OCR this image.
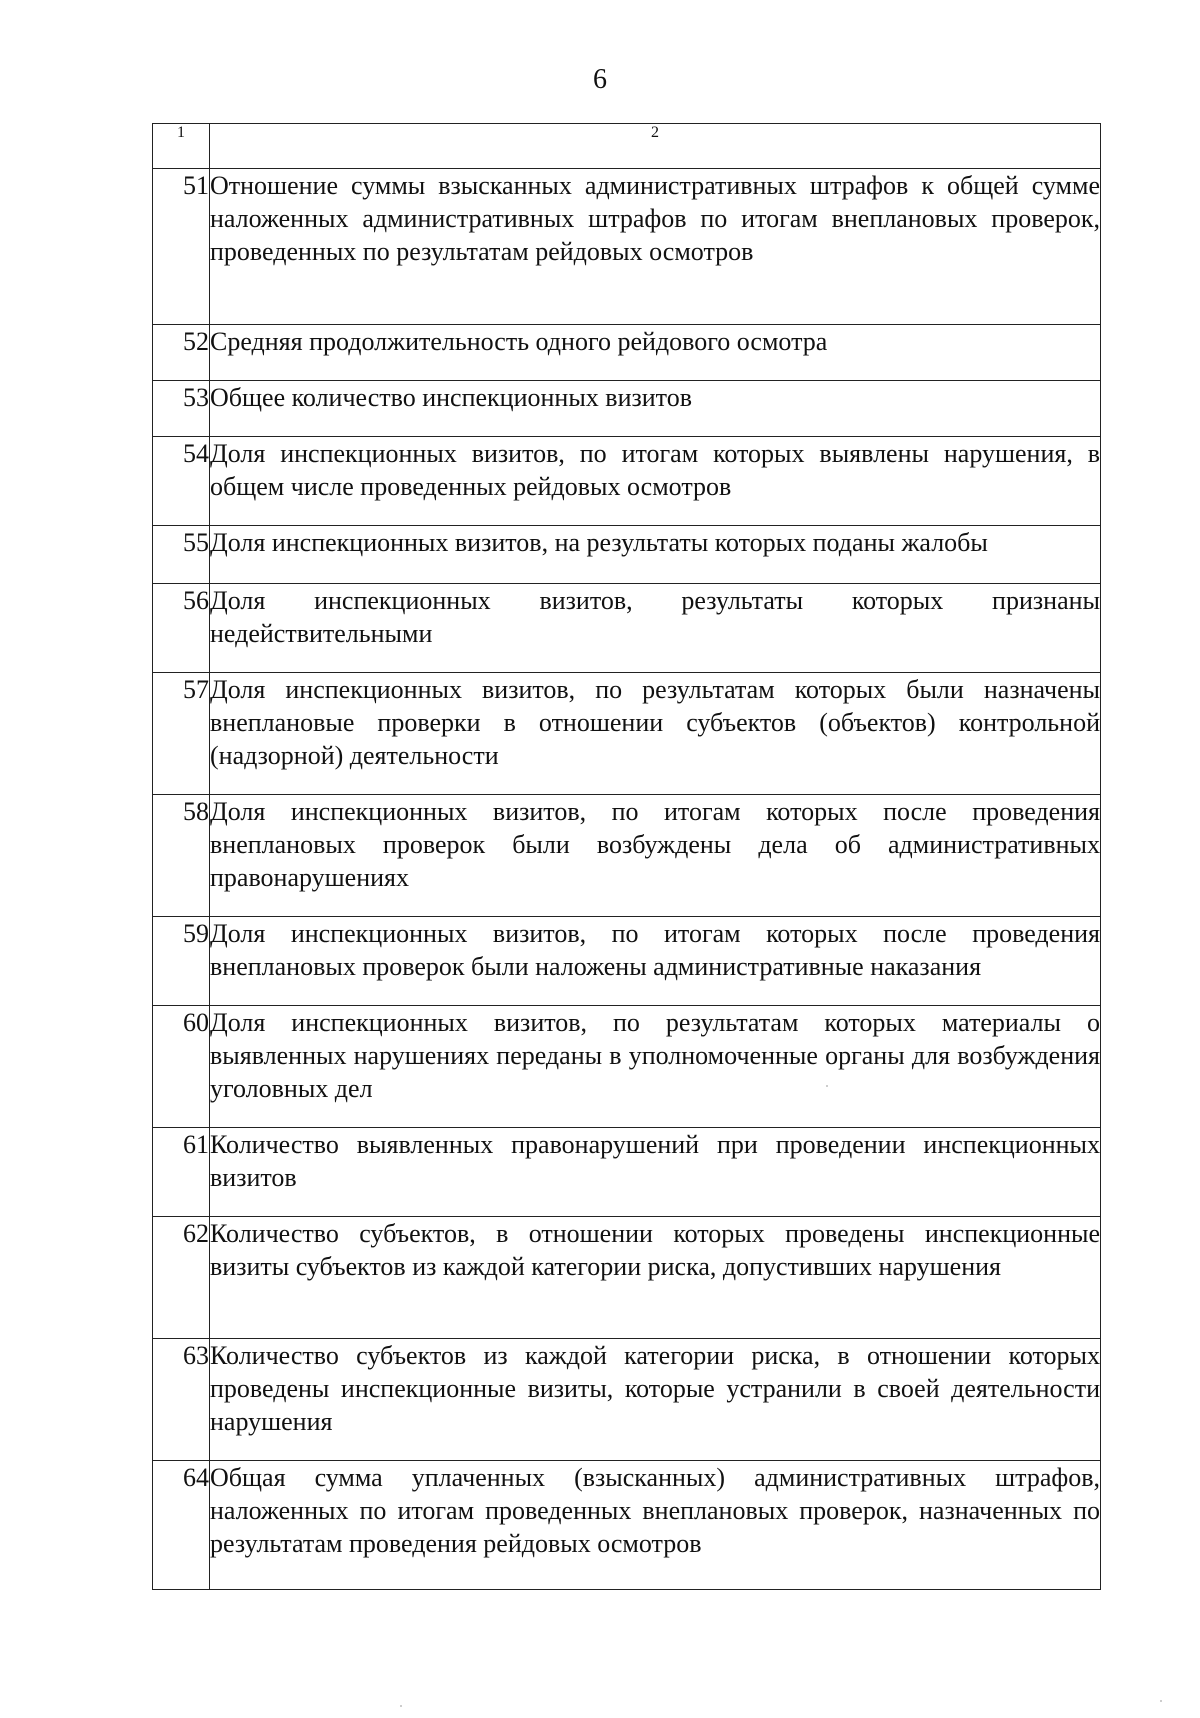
6
1	2
51	Отношение суммы взысканных административных штрафов к общей сумме наложенных административных штрафов по итогам внеплановых проверок, проведенных по результатам рейдовых осмотров
52	Средняя продолжительность одного рейдового осмотра
53	Общее количество инспекционных визитов
54	Доля инспекционных визитов, по итогам которых выявлены нарушения, в общем числе проведенных рейдовых осмотров
55	Доля инспекционных визитов, на результаты которых поданы жалобы
56	Доля инспекционных визитов, результаты которых признаны недействительными
57	Доля инспекционных визитов, по результатам которых были назначены внеплановые проверки в отношении субъектов (объектов) контрольной (надзорной) деятельности
58	Доля инспекционных визитов, по итогам которых после проведения внеплановых проверок были возбуждены дела об административных правонарушениях
59	Доля инспекционных визитов, по итогам которых после проведения внеплановых проверок были наложены административные наказания
60	Доля инспекционных визитов, по результатам которых материалы о выявленных нарушениях переданы в уполномоченные органы для возбуждения уголовных дел
61	Количество выявленных правонарушений при проведении инспекционных визитов
62	Количество субъектов, в отношении которых проведены инспекционные визиты субъектов из каждой категории риска, допустивших нарушения
63	Количество субъектов из каждой категории риска, в отношении которых проведены инспекционные визиты, которые устранили в своей деятельности нарушения
64	Общая сумма уплаченных (взысканных) административных штрафов, наложенных по итогам проведенных внеплановых проверок, назначенных по результатам проведения рейдовых осмотров
